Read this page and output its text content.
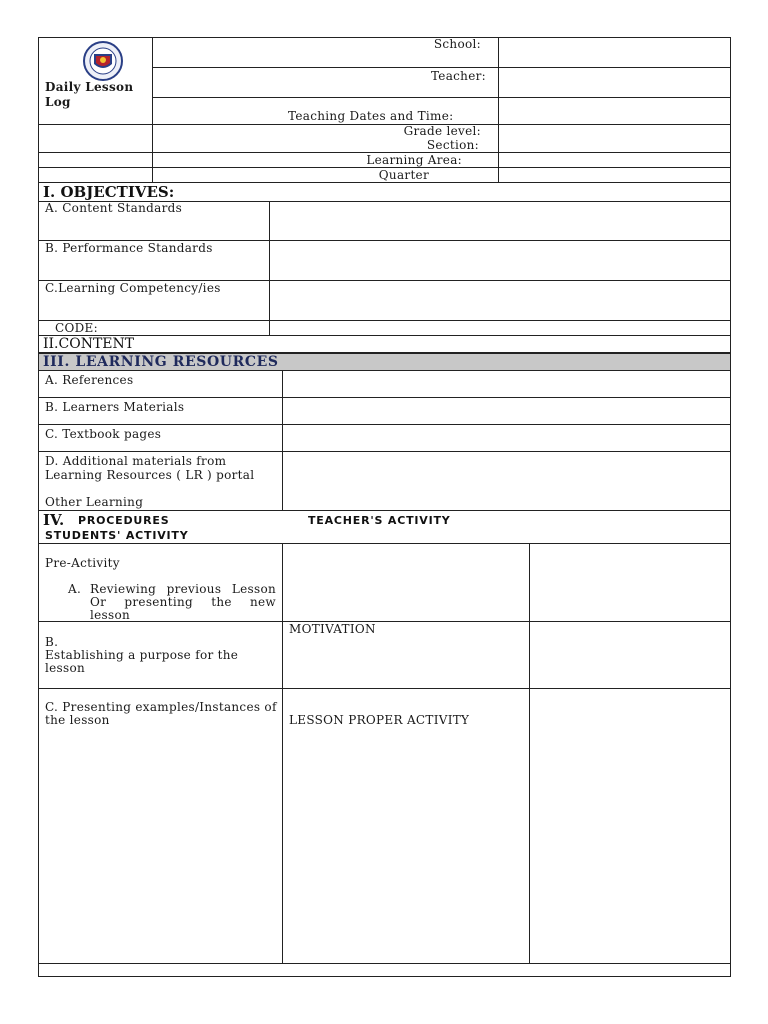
Daily Lesson Log
School:
Teacher:
Teaching Dates and Time:
Grade level:
Section:
Learning Area:
Quarter
I. OBJECTIVES:
A. Content Standards
B. Performance Standards
C.Learning Competency/ies
CODE:
II.CONTENT
III. LEARNING RESOURCES
A. References
B. Learners Materials
C. Textbook pages
D. Additional materials from Learning Resources ( LR ) portal
Other Learning
IV. PROCEDURES	TEACHER'S ACTIVITY
STUDENTS' ACTIVITY
Pre-Activity
A. Reviewing previous Lesson Or presenting the new lesson
MOTIVATION
B.
Establishing a purpose for the lesson
C. Presenting examples/Instances of the lesson	LESSON PROPER ACTIVITY
